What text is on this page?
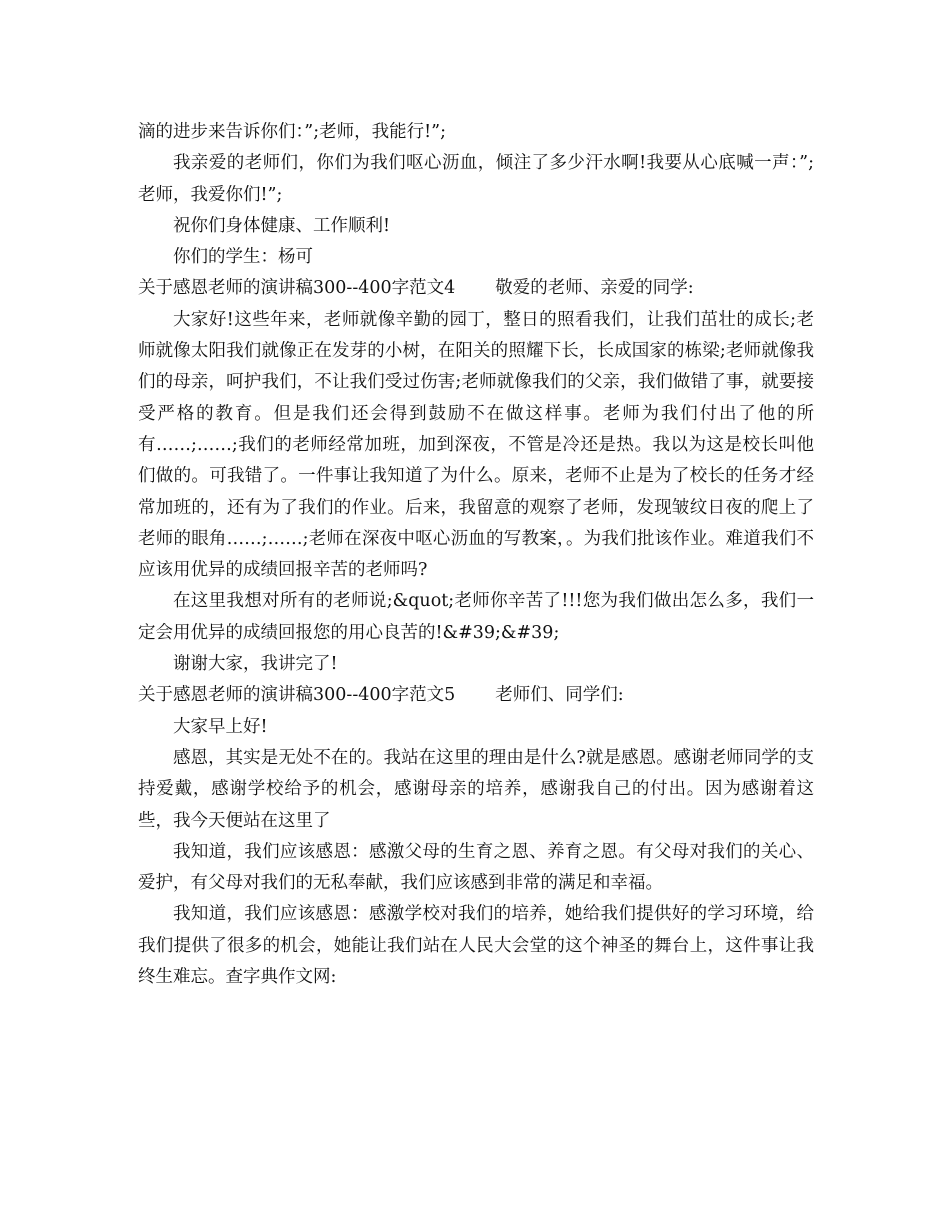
滴的进步来告诉你们：”;老师，我能行!”;

我亲爱的老师们，你们为我们呕心沥血，倾注了多少汗水啊!我要从心底喊一声：”;老师，我爱你们!”;

祝你们身体健康、工作顺利!

你们的学生：杨可

关于感恩老师的演讲稿300--400字范文4 敬爱的老师、亲爱的同学:

大家好!这些年来，老师就像辛勤的园丁，整日的照看我们，让我们茁壮的成长;老师就像太阳我们就像正在发芽的小树，在阳关的照耀下长，长成国家的栋梁;老师就像我们的母亲，呵护我们，不让我们受过伤害;老师就像我们的父亲，我们做错了事，就要接受严格的教育。但是我们还会得到鼓励不在做这样事。老师为我们付出了他的所有……;……;我们的老师经常加班，加到深夜，不管是冷还是热。我以为这是校长叫他们做的。可我错了。一件事让我知道了为什么。原来，老师不止是为了校长的任务才经常加班的，还有为了我们的作业。后来，我留意的观察了老师，发现皱纹日夜的爬上了老师的眼角……;……;老师在深夜中呕心沥血的写教案，。为我们批该作业。难道我们不应该用优异的成绩回报辛苦的老师吗?

在这里我想对所有的老师说;&quot;老师你辛苦了!!!您为我们做出怎么多，我们一定会用优异的成绩回报您的用心良苦的!&#39;&#39;

谢谢大家，我讲完了!

关于感恩老师的演讲稿300--400字范文5 老师们、同学们:

大家早上好!

感恩，其实是无处不在的。我站在这里的理由是什么?就是感恩。感谢老师同学的支持爱戴，感谢学校给予的机会，感谢母亲的培养，感谢我自己的付出。因为感谢着这些，我今天便站在这里了

我知道，我们应该感恩：感激父母的生育之恩、养育之恩。有父母对我们的关心、爱护，有父母对我们的无私奉献，我们应该感到非常的满足和幸福。

我知道，我们应该感恩：感激学校对我们的培养，她给我们提供好的学习环境，给我们提供了很多的机会，她能让我们站在人民大会堂的这个神圣的舞台上，这件事让我终生难忘。查字典作文网:
